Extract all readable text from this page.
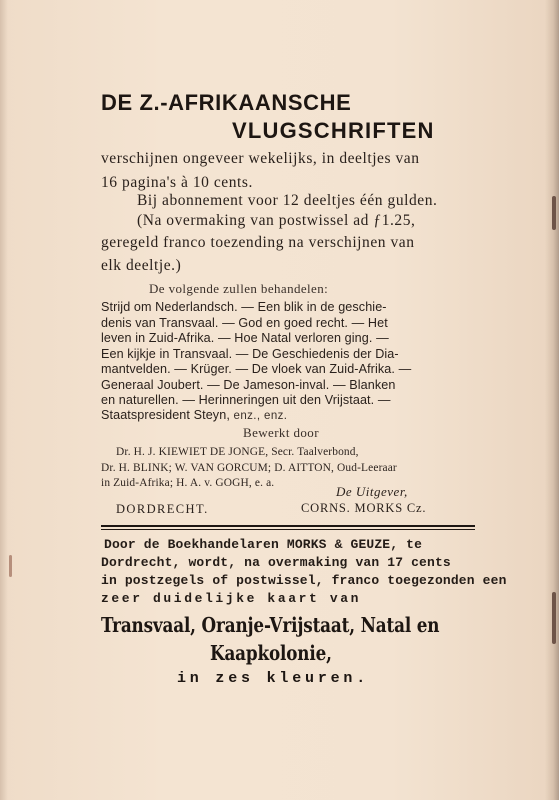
DE Z.-AFRIKAANSCHE
VLUGSCHRIFTEN

verschijnen ongeveer wekelijks, in deeltjes van

16 pagina's à 10 cents.

Bij abonnement voor 12 deeltjes één gulden.

(Na overmaking van postwissel ad ƒ1.25,

geregeld franco toezending na verschijnen van

elk deeltje.)

De volgende zullen behandelen:

Strijd om Nederlandsch. — Een blik in de geschie-

denis van Transvaal. — God en goed recht. — Het

leven in Zuid-Afrika. — Hoe Natal verloren ging. —

Een kijkje in Transvaal. — De Geschiedenis der Dia-

mantvelden. — Krüger. — De vloek van Zuid-Afrika. —

Generaal Joubert. — De Jameson-inval. — Blanken

en naturellen. — Herinneringen uit den Vrijstaat. —

Staatspresident Steyn, enz., enz.

Bewerkt door

Dr. H. J. KIEWIET DE JONGE, Secr. Taalverbond,

Dr. H. BLINK; W. VAN GORCUM; D. AITTON, Oud-Leeraar

in Zuid-Afrika; H. A. v. GOGH, e. a.

De Uitgever,

DORDRECHT.	CORNS. MORKS Cz.

Door de Boekhandelaren MORKS & GEUZE, te

Dordrecht, wordt, na overmaking van 17 cents

in postzegels of postwissel, franco toegezonden een

zeer duidelijke kaart van

Transvaal, Oranje-Vrijstaat, Natal en

Kaapkolonie,

in zes kleuren.
